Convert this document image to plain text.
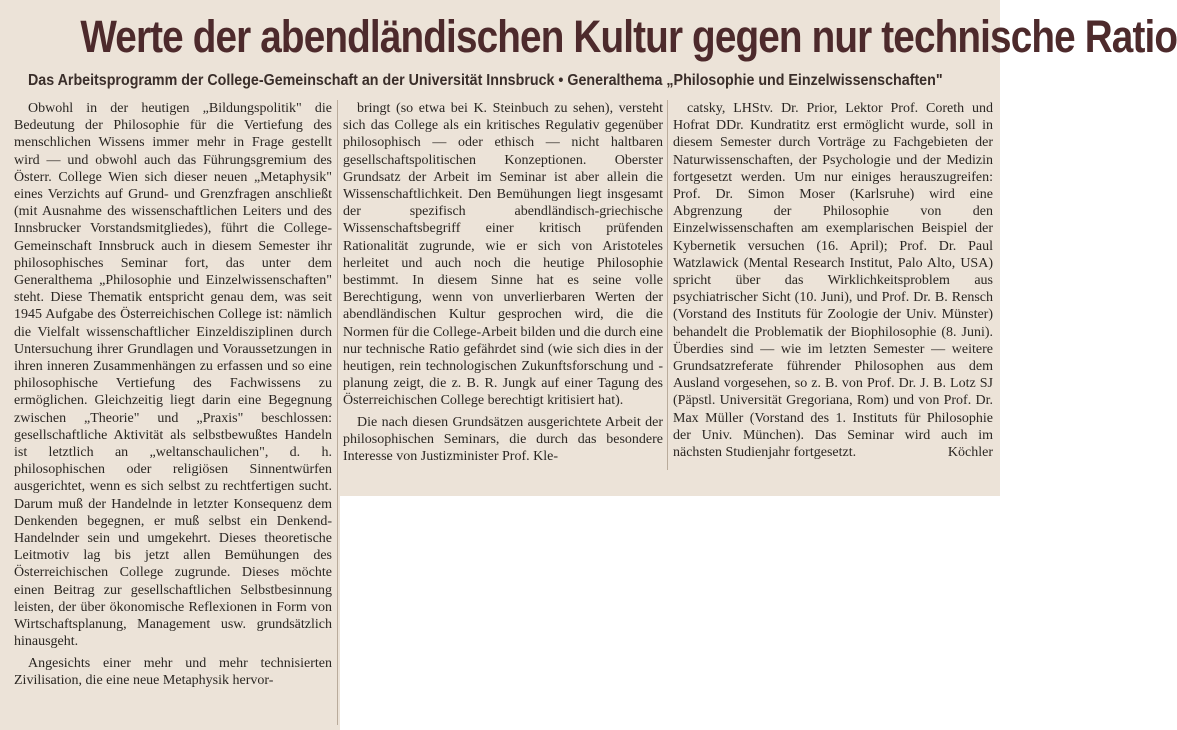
Werte der abendländischen Kultur gegen nur technische Ratio
Das Arbeitsprogramm der College-Gemeinschaft an der Universität Innsbruck • Generalthema „Philosophie und Einzelwissenschaften"

Obwohl in der heutigen „Bildungspolitik" die Bedeutung der Philosophie für die Vertiefung des menschlichen Wissens immer mehr in Frage gestellt wird — und obwohl auch das Führungsgremium des Österr. College Wien sich dieser neuen „Metaphysik" eines Verzichts auf Grund- und Grenzfragen anschließt (mit Ausnahme des wissenschaftlichen Leiters und des Innsbrucker Vorstandsmitgliedes), führt die College-Gemeinschaft Innsbruck auch in diesem Semester ihr philosophisches Seminar fort, das unter dem Generalthema „Philosophie und Einzelwissenschaften" steht. Diese Thematik entspricht genau dem, was seit 1945 Aufgabe des Österreichischen College ist: nämlich die Vielfalt wissenschaftlicher Einzeldisziplinen durch Untersuchung ihrer Grundlagen und Voraussetzungen in ihren inneren Zusammenhängen zu erfassen und so eine philosophische Vertiefung des Fachwissens zu ermöglichen. Gleichzeitig liegt darin eine Begegnung zwischen „Theorie" und „Praxis" beschlossen: gesellschaftliche Aktivität als selbstbewußtes Handeln ist letztlich an „weltanschaulichen", d. h. philosophischen oder religiösen Sinnentwürfen ausgerichtet, wenn es sich selbst zu rechtfertigen sucht. Darum muß der Handelnde in letzter Konsequenz dem Denkenden begegnen, er muß selbst ein Denkend-Handelnder sein und umgekehrt. Dieses theoretische Leitmotiv lag bis jetzt allen Bemühungen des Österreichischen College zugrunde. Dieses möchte einen Beitrag zur gesellschaftlichen Selbstbesinnung leisten, der über ökonomische Reflexionen in Form von Wirtschaftsplanung, Management usw. grundsätzlich hinausgeht.

Angesichts einer mehr und mehr technisierten Zivilisation, die eine neue Metaphysik hervor-

bringt (so etwa bei K. Steinbuch zu sehen), versteht sich das College als ein kritisches Regulativ gegenüber philosophisch — oder ethisch — nicht haltbaren gesellschaftspolitischen Konzeptionen. Oberster Grundsatz der Arbeit im Seminar ist aber allein die Wissenschaftlichkeit. Den Bemühungen liegt insgesamt der spezifisch abendländisch-griechische Wissenschaftsbegriff einer kritisch prüfenden Rationalität zugrunde, wie er sich von Aristoteles herleitet und auch noch die heutige Philosophie bestimmt. In diesem Sinne hat es seine volle Berechtigung, wenn von unverlierbaren Werten der abendländischen Kultur gesprochen wird, die die Normen für die College-Arbeit bilden und die durch eine nur technische Ratio gefährdet sind (wie sich dies in der heutigen, rein technologischen Zukunftsforschung und -planung zeigt, die z. B. R. Jungk auf einer Tagung des Österreichischen College berechtigt kritisiert hat).

Die nach diesen Grundsätzen ausgerichtete Arbeit der philosophischen Seminars, die durch das besondere Interesse von Justizminister Prof. Kle-

catsky, LHStv. Dr. Prior, Lektor Prof. Coreth und Hofrat DDr. Kundratitz erst ermöglicht wurde, soll in diesem Semester durch Vorträge zu Fachgebieten der Naturwissenschaften, der Psychologie und der Medizin fortgesetzt werden. Um nur einiges herauszugreifen: Prof. Dr. Simon Moser (Karlsruhe) wird eine Abgrenzung der Philosophie von den Einzelwissenschaften am exemplarischen Beispiel der Kybernetik versuchen (16. April); Prof. Dr. Paul Watzlawick (Mental Research Institut, Palo Alto, USA) spricht über das Wirklichkeitsproblem aus psychiatrischer Sicht (10. Juni), und Prof. Dr. B. Rensch (Vorstand des Instituts für Zoologie der Univ. Münster) behandelt die Problematik der Biophilosophie (8. Juni). Überdies sind — wie im letzten Semester — weitere Grundsatzreferate führender Philosophen aus dem Ausland vorgesehen, so z. B. von Prof. Dr. J. B. Lotz SJ (Päpstl. Universität Gregoriana, Rom) und von Prof. Dr. Max Müller (Vorstand des 1. Instituts für Philosophie der Univ. München). Das Seminar wird auch im nächsten Studienjahr fortgesetzt.	Köchler
